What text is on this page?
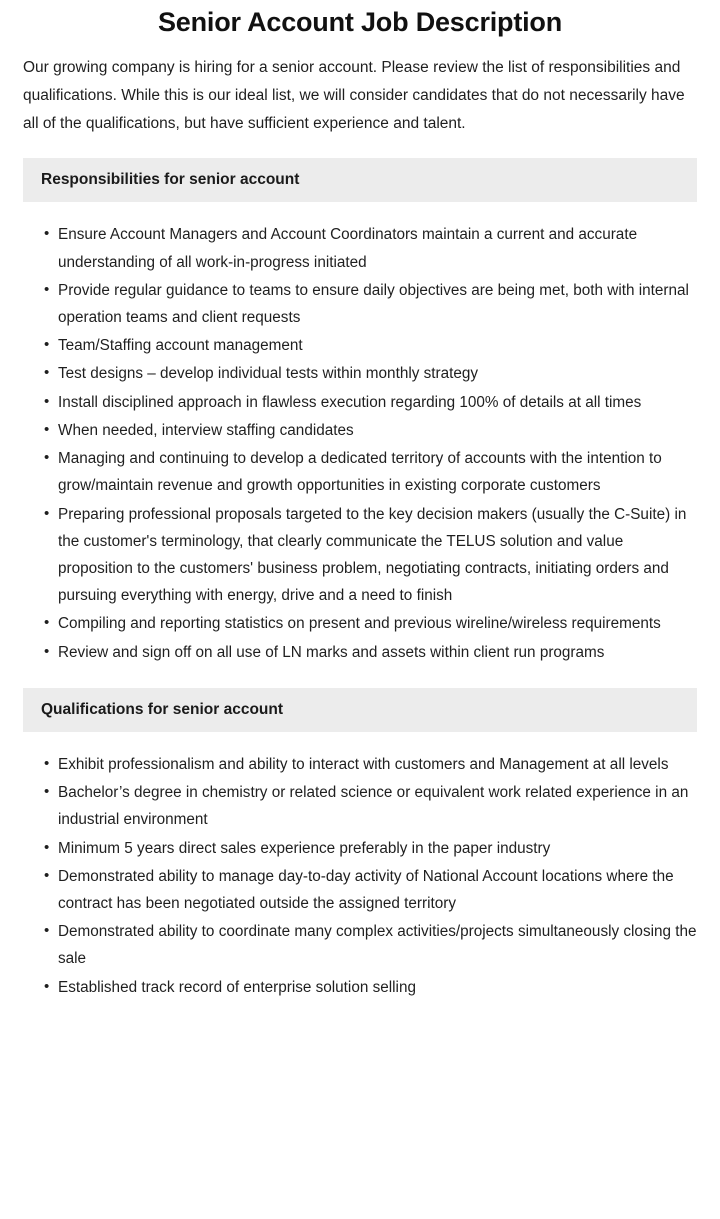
Senior Account Job Description

Our growing company is hiring for a senior account. Please review the list of responsibilities and qualifications. While this is our ideal list, we will consider candidates that do not necessarily have all of the qualifications, but have sufficient experience and talent.

Responsibilities for senior account
• Ensure Account Managers and Account Coordinators maintain a current and accurate understanding of all work-in-progress initiated
• Provide regular guidance to teams to ensure daily objectives are being met, both with internal operation teams and client requests
• Team/Staffing account management
• Test designs – develop individual tests within monthly strategy
• Install disciplined approach in flawless execution regarding 100% of details at all times
• When needed, interview staffing candidates
• Managing and continuing to develop a dedicated territory of accounts with the intention to grow/maintain revenue and growth opportunities in existing corporate customers
• Preparing professional proposals targeted to the key decision makers (usually the C-Suite) in the customer's terminology, that clearly communicate the TELUS solution and value proposition to the customers' business problem, negotiating contracts, initiating orders and pursuing everything with energy, drive and a need to finish
• Compiling and reporting statistics on present and previous wireline/wireless requirements
• Review and sign off on all use of LN marks and assets within client run programs
Qualifications for senior account
• Exhibit professionalism and ability to interact with customers and Management at all levels
• Bachelor’s degree in chemistry or related science or equivalent work related experience in an industrial environment
• Minimum 5 years direct sales experience preferably in the paper industry
• Demonstrated ability to manage day-to-day activity of National Account locations where the contract has been negotiated outside the assigned territory
• Demonstrated ability to coordinate many complex activities/projects simultaneously closing the sale
• Established track record of enterprise solution selling
